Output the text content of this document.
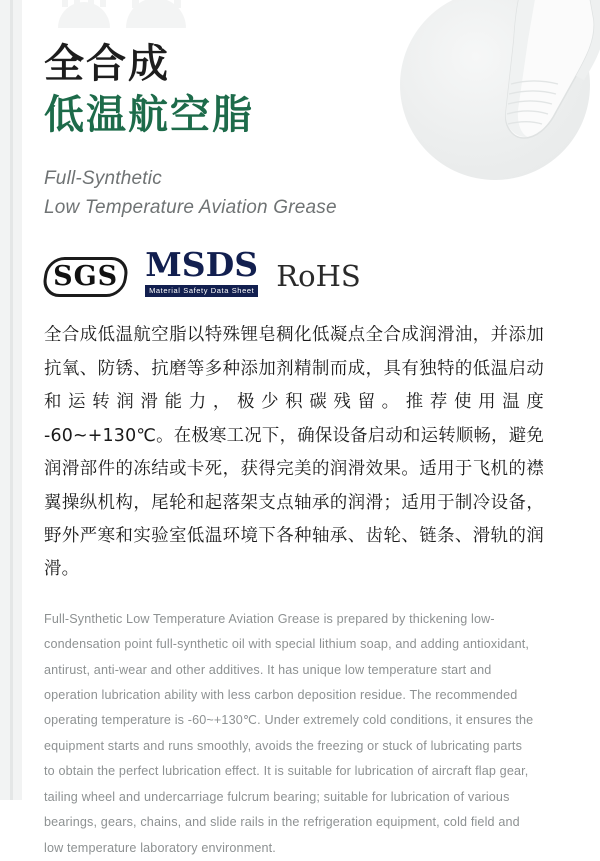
全合成
低温航空脂
Full-Synthetic
Low Temperature Aviation Grease
SGS MSDS
Material Safety Data Sheet RoHS
全合成低温航空脂以特殊锂皂稠化低凝点全合成润滑油，并添加抗氧、防锈、抗磨等多种添加剂精制而成，具有独特的低温启动和运转润滑能力，极少积碳残留。推荐使用温度 -60~+130℃。在极寒工况下，确保设备启动和运转顺畅，避免润滑部件的冻结或卡死，获得完美的润滑效果。适用于飞机的襟翼操纵机构，尾轮和起落架支点轴承的润滑；适用于制冷设备，野外严寒和实验室低温环境下各种轴承、齿轮、链条、滑轨的润滑。
Full-Synthetic Low Temperature Aviation Grease is prepared by thickening low-condensation point full-synthetic oil with special lithium soap, and adding antioxidant, antirust, anti-wear and other additives. It has unique low temperature start and operation lubrication ability with less carbon deposition residue. The recommended operating temperature is -60~+130℃. Under extremely cold conditions, it ensures the equipment starts and runs smoothly, avoids the freezing or stuck of lubricating parts to obtain the perfect lubrication effect. It is suitable for lubrication of aircraft flap gear, tailing wheel and undercarriage fulcrum bearing; suitable for lubrication of various bearings, gears, chains, and slide rails in the refrigeration equipment, cold field and low temperature laboratory environment.
